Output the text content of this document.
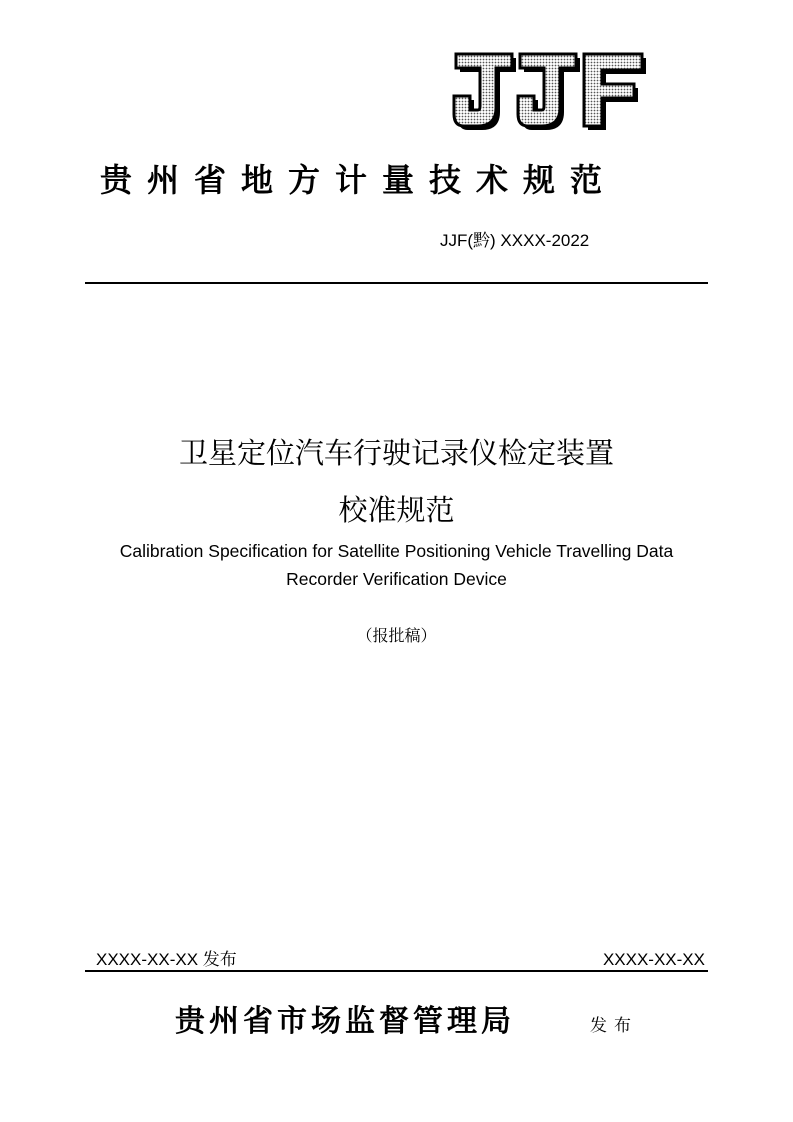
贵州省地方计量技术规范
JJF(黔) XXXX-2022
卫星定位汽车行驶记录仪检定装置
校准规范
Calibration Specification for Satellite Positioning Vehicle Travelling Data
Recorder Verification Device
（报批稿）
XXXX-XX-XX 发布	XXXX-XX-XX
贵州省市场监督管理局	发布
